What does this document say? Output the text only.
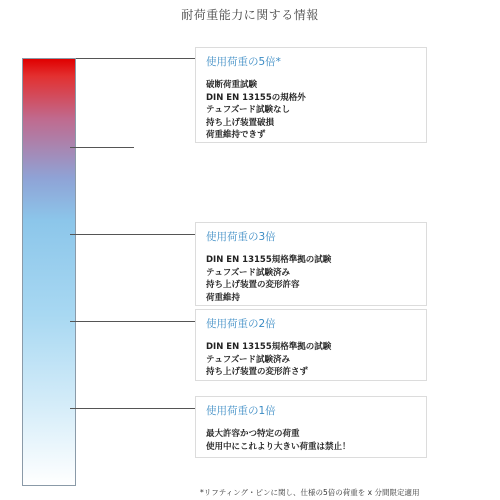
耐荷重能力に関する情報
使用荷重の5倍*
破断荷重試験
DIN EN 13155の規格外
テュフズード試験なし
持ち上げ装置破損
荷重維持できず
使用荷重の3倍
DIN EN 13155規格準拠の試験
テュフズード試験済み
持ち上げ装置の変形許容
荷重維持
使用荷重の2倍
DIN EN 13155規格準拠の試験
テュフズード試験済み
持ち上げ装置の変形許さず
使用荷重の1倍
最大許容かつ特定の荷重
使用中にこれより大きい荷重は禁止！
*リフティング・ピンに関し、仕様の5倍の荷重を x 分間限定適用
